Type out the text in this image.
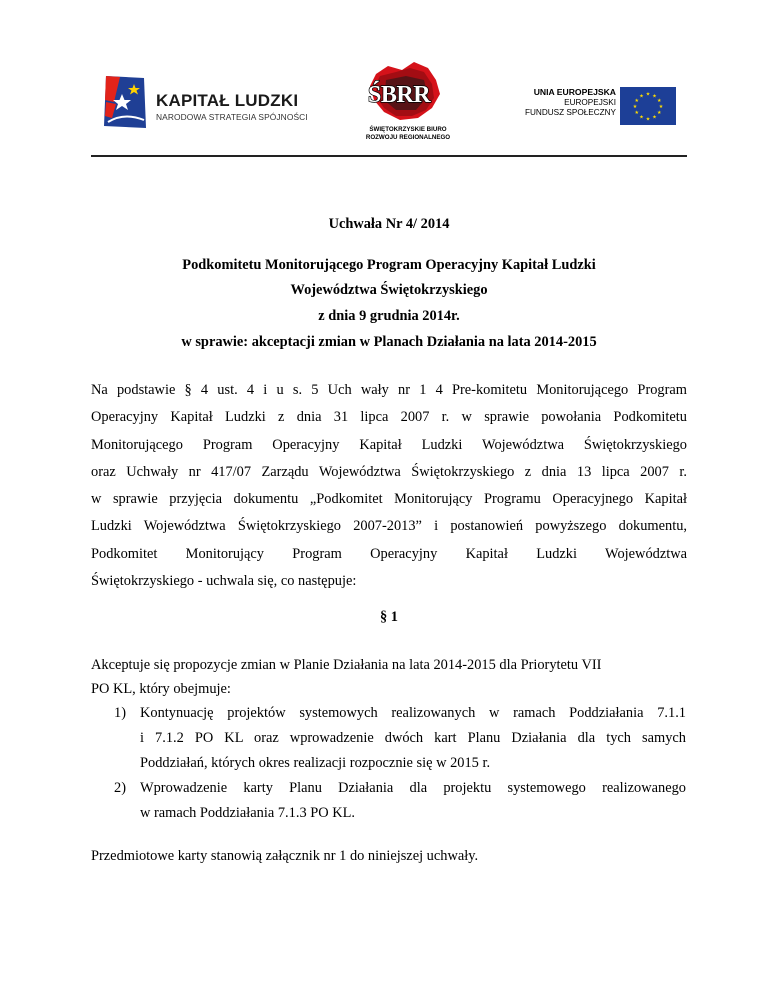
KAPITAŁ LUDZKI
NARODOWA STRATEGIA SPÓJNOŚCI
ŚBRR
ŚWIĘTOKRZYSKIE BIURO
ROZWOJU REGIONALNEGO
UNIA EUROPEJSKA
EUROPEJSKI
FUNDUSZ SPOŁECZNY
★ ★
★
★
★
★
★
★
★
★
★
★
Uchwała Nr 4/ 2014
Podkomitetu Monitorującego Program Operacyjny Kapitał Ludzki
Województwa Świętokrzyskiego
z dnia 9 grudnia 2014r.
w sprawie: akceptacji zmian w Planach Działania na lata 2014-2015
Na podstawie § 4 ust. 4 i u s. 5 Uch wały nr 1 4 Pre-komitetu Monitorującego Program
Operacyjny Kapitał Ludzki z dnia 31 lipca 2007 r. w sprawie powołania Podkomitetu
Monitorującego Program Operacyjny Kapitał Ludzki Województwa Świętokrzyskiego
oraz Uchwały nr 417/07 Zarządu Województwa Świętokrzyskiego z dnia 13 lipca 2007 r.
w sprawie przyjęcia dokumentu „Podkomitet Monitorujący Programu Operacyjnego Kapitał
Ludzki Województwa Świętokrzyskiego 2007-2013” i postanowień powyższego dokumentu,
Podkomitet Monitorujący Program Operacyjny Kapitał Ludzki Województwa
Świętokrzyskiego - uchwala się, co następuje:
§ 1
Akceptuje się propozycje zmian w Planie Działania na lata 2014-2015 dla Priorytetu VII
PO KL, który obejmuje:
1) Kontynuację projektów systemowych realizowanych w ramach Poddziałania 7.1.1
i 7.1.2 PO KL oraz wprowadzenie dwóch kart Planu Działania dla tych samych
Poddziałań, których okres realizacji rozpocznie się w 2015 r.
2) Wprowadzenie karty Planu Działania dla projektu systemowego realizowanego
w ramach Poddziałania 7.1.3 PO KL.
Przedmiotowe karty stanowią załącznik nr 1 do niniejszej uchwały.
